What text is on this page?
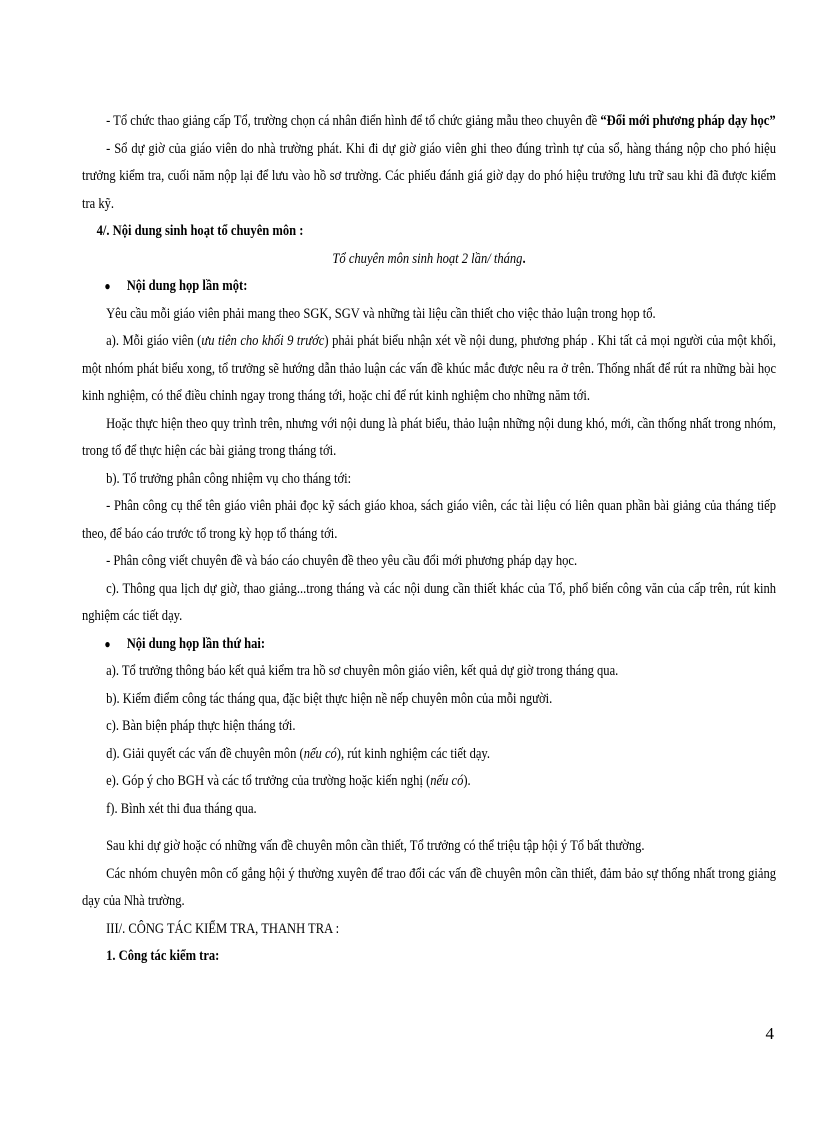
- Tổ chức thao giảng cấp Tổ, trường chọn cá nhân điển hình để tổ chức giảng mẫu theo chuyên đề “Đổi mới phương pháp dạy học”

- Sổ dự giờ của giáo viên do nhà trường phát. Khi đi dự giờ giáo viên ghi theo đúng trình tự của sổ, hàng tháng nộp cho phó hiệu trưởng kiểm tra, cuối năm nộp lại để lưu vào hồ sơ trường. Các phiếu đánh giá giờ dạy do phó hiệu trưởng lưu trữ sau khi đã được kiểm tra kỹ.

4/. Nội dung sinh hoạt tổ chuyên môn :

Tổ chuyên môn sinh hoạt 2 lần/ tháng.

● Nội dung họp lần một:

Yêu cầu mỗi giáo viên phải mang theo SGK, SGV và những tài liệu cần thiết cho việc thảo luận trong họp tổ.

a). Mỗi giáo viên (ưu tiên cho khối 9 trước) phải phát biểu nhận xét về nội dung, phương pháp . Khi tất cả mọi người của một khối, một nhóm phát biểu xong, tổ trưởng sẽ hướng dẫn thảo luận các vấn đề khúc mắc được nêu ra ở trên. Thống nhất để rút ra những bài học kinh nghiệm, có thể điều chỉnh ngay trong tháng tới, hoặc chỉ để rút kinh nghiệm cho những năm tới.

Hoặc thực hiện theo quy trình trên, nhưng với nội dung là phát biểu, thảo luận những nội dung khó, mới, cần thống nhất trong nhóm, trong tổ để thực hiện các bài giảng trong tháng tới.

b). Tổ trưởng phân công nhiệm vụ cho tháng tới:

- Phân công cụ thể tên giáo viên phải đọc kỹ sách giáo khoa, sách giáo viên, các tài liệu có liên quan phần bài giảng của tháng tiếp theo, để báo cáo trước tổ trong kỳ họp tổ tháng tới.

- Phân công viết chuyên đề và báo cáo chuyên đề theo yêu cầu đổi mới phương pháp dạy học.

c). Thông qua lịch dự giờ, thao giảng...trong tháng và các nội dung cần thiết khác của Tổ, phổ biến công văn của cấp trên, rút kinh nghiệm các tiết dạy.

● Nội dung họp lần thứ hai:

a). Tổ trưởng thông báo kết quả kiểm tra hồ sơ chuyên môn giáo viên, kết quả dự giờ trong tháng qua.

b). Kiểm điểm công tác tháng qua, đặc biệt thực hiện nề nếp chuyên môn của mỗi người.

c). Bàn biện pháp thực hiện tháng tới.

d). Giải quyết các vấn đề chuyên môn (nếu có), rút kinh nghiệm các tiết dạy.

e). Góp ý cho BGH và các tổ trưởng của trường hoặc kiến nghị (nếu có).

f). Bình xét thi đua tháng qua.

Sau khi dự giờ hoặc có những vấn đề chuyên môn cần thiết, Tổ trưởng có thể triệu tập hội ý Tổ bất thường.

Các nhóm chuyên môn cố gắng hội ý thường xuyên để trao đổi các vấn đề chuyên môn cần thiết, đảm bảo sự thống nhất trong giảng dạy của Nhà trường.

III/. CÔNG TÁC KIỂM TRA, THANH TRA :

1. Công tác kiểm tra:

4
